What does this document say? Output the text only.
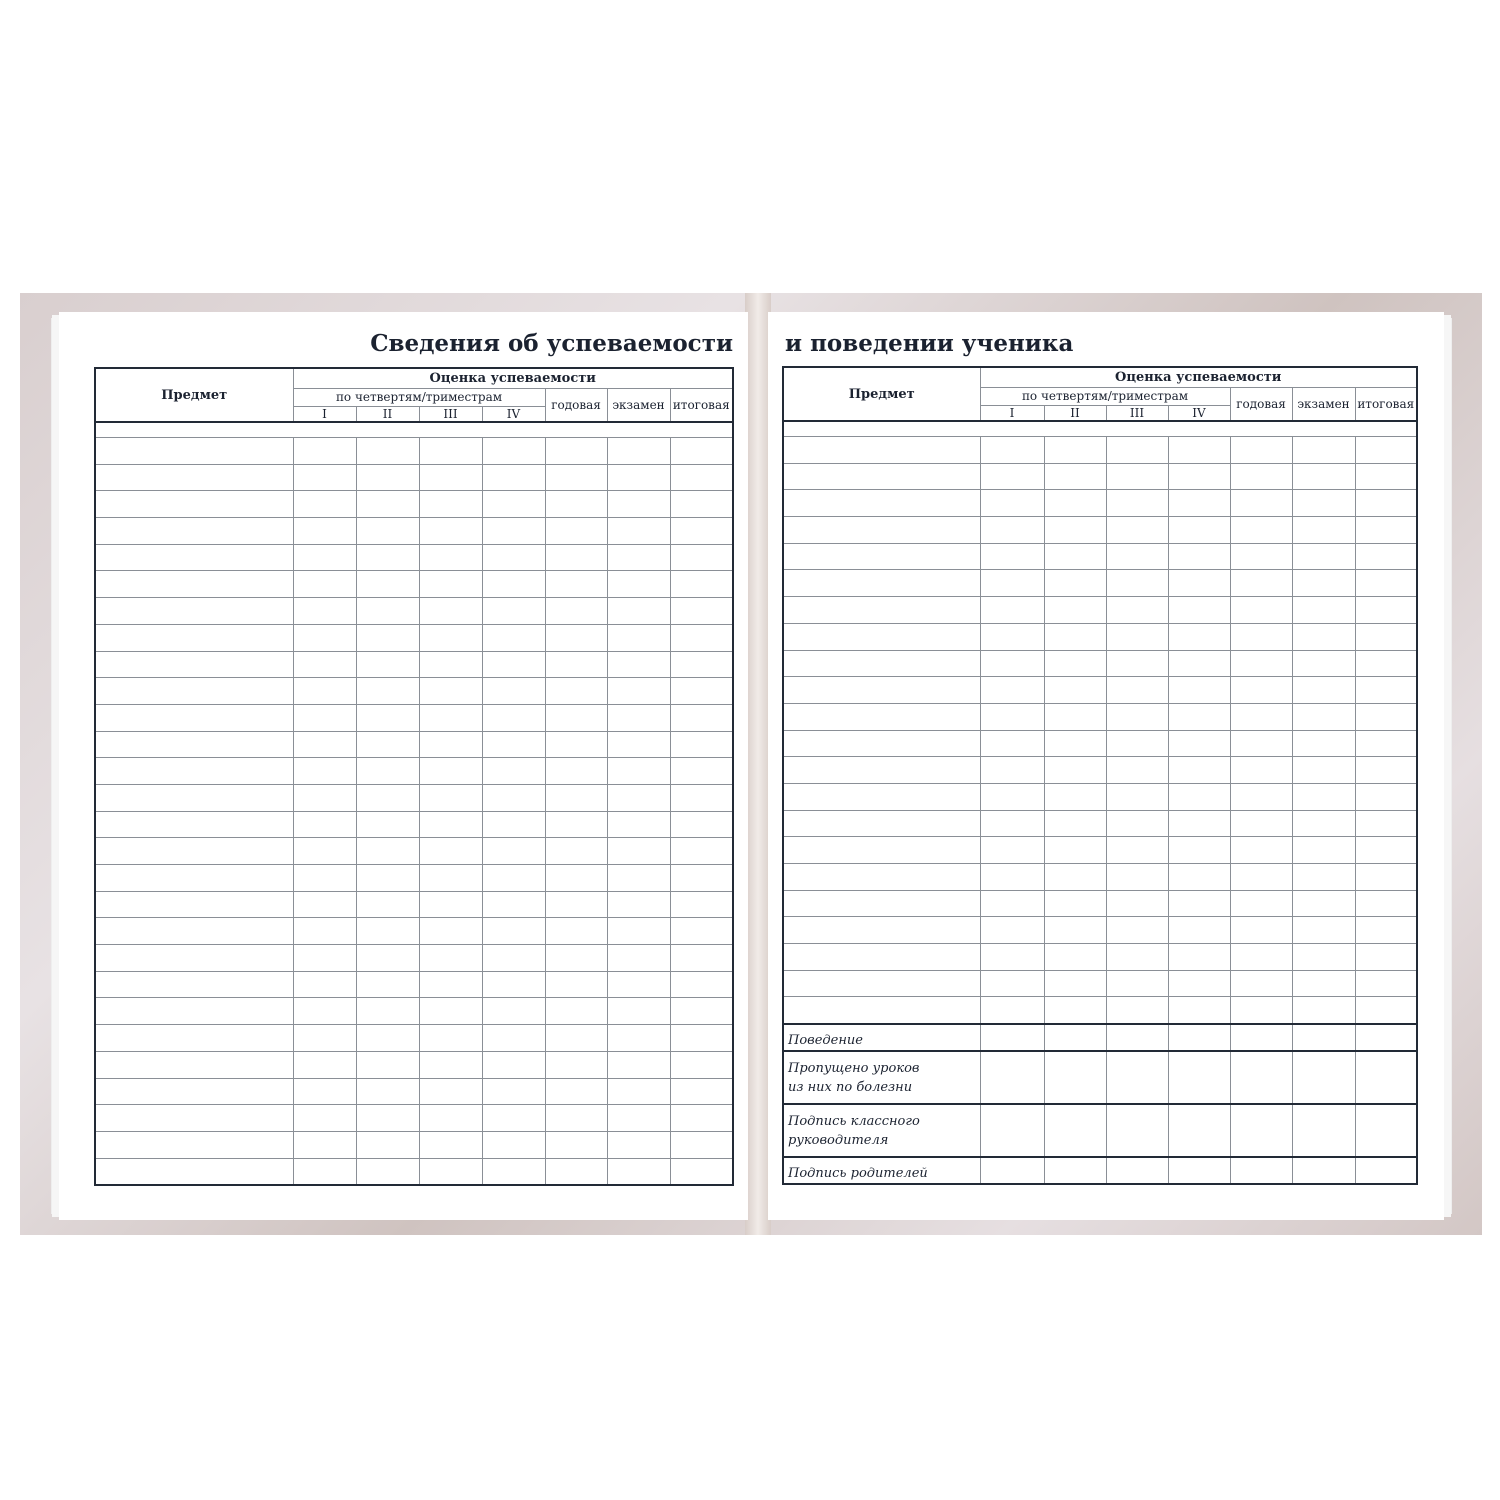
Сведения об успеваемости и поведении ученика
Предмет	Оценка успеваемости						
	по четвертям/триместрам				годовая	экзамен	итоговая
	I	II	III	IV			

Предмет	Оценка успеваемости						
	по четвертям/триместрам				годовая	экзамен	итоговая
	I	II	III	IV			

Поведение							
Пропущено уроков
из них по болезни							
Подпись классного
руководителя							
Подпись родителей							
